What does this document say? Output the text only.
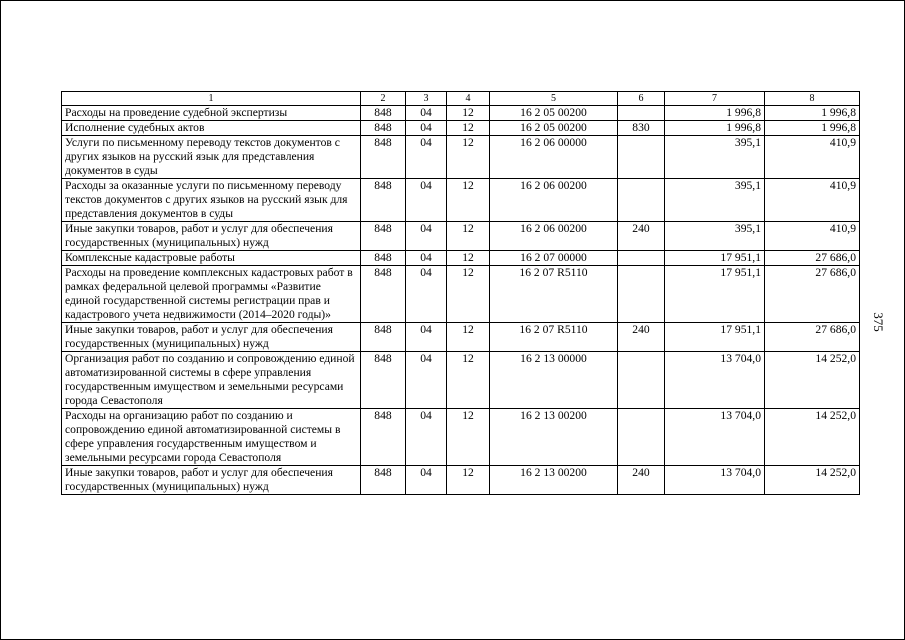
1	2	3	4	5	6	7	8
Расходы на проведение судебной экспертизы	848	04	12	16 2 05 00200		1 996,8	1 996,8
Исполнение судебных актов	848	04	12	16 2 05 00200	830	1 996,8	1 996,8
Услуги по письменному переводу текстов документов с других языков на русский язык для представления документов в суды	848	04	12	16 2 06 00000		395,1	410,9
Расходы за оказанные услуги по письменному переводу текстов документов с других языков на русский язык для представления документов в суды	848	04	12	16 2 06 00200		395,1	410,9
Иные закупки товаров, работ и услуг для обеспечения государственных (муниципальных) нужд	848	04	12	16 2 06 00200	240	395,1	410,9
Комплексные кадастровые работы	848	04	12	16 2 07 00000		17 951,1	27 686,0
Расходы на проведение комплексных кадастровых работ в рамках федеральной целевой программы «Развитие единой государственной системы регистрации прав и кадастрового учета недвижимости (2014–2020 годы)»	848	04	12	16 2 07 R5110		17 951,1	27 686,0
Иные закупки товаров, работ и услуг для обеспечения государственных (муниципальных) нужд	848	04	12	16 2 07 R5110	240	17 951,1	27 686,0
Организация работ по созданию и сопровождению единой автоматизированной системы в сфере управления государственным имуществом и земельными ресурсами города Севастополя	848	04	12	16 2 13 00000		13 704,0	14 252,0
Расходы на организацию работ по созданию и сопровождению единой автоматизированной системы в сфере управления государственным имуществом и земельными ресурсами города Севастополя	848	04	12	16 2 13 00200		13 704,0	14 252,0
Иные закупки товаров, работ и услуг для обеспечения государственных (муниципальных) нужд	848	04	12	16 2 13 00200	240	13 704,0	14 252,0
375
